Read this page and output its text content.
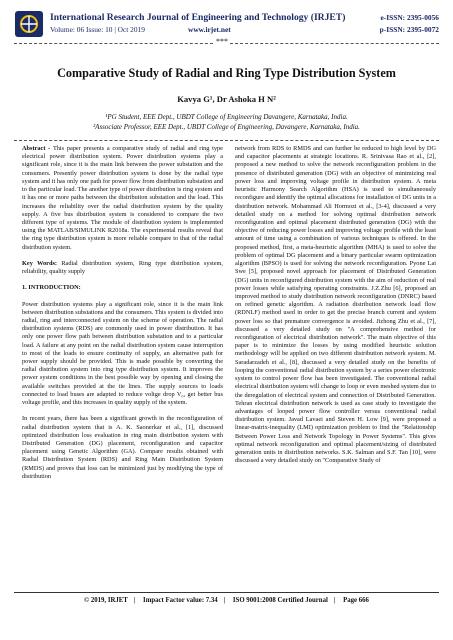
International Research Journal of Engineering and Technology (IRJET)
Volume: 06 Issue: 10 | Oct 2019	www.irjet.net
e-ISSN: 2395-0056
p-ISSN: 2395-0072
***
Comparative Study of Radial and Ring Type Distribution System
Kavya G¹, Dr Ashoka H N²
¹PG Student, EEE Dept., UBDT College of Engineering Davangere, Karnataka, India.
²Associate Professor, EEE Dept., UBDT College of Engineering, Davangere, Karnataka, India.

Abstract - This paper presents a comparative study of radial and ring type electrical power distribution system. Power distribution systems play a significant role, since it is the main link between the power substation and the consumers. Presently power distribution system is done by the radial type system and it has only one path for power flow from distribution substation and to the particular load. The another type of power distribution is ring system and it has one or more paths between the distribution substation and the load. This increases the reliability over the radial distribution system by the quality supply. A five bus distribution system is considered to compare the two different type of systems. The module of distribution system is implemented using the MATLAB/SIMULINK R2018a. The experimental results reveal that the ring type distribution system is more reliable compare to that of the radial distribution system.

Key Words: Radial distribution system, Ring type distribution system, reliability, quality supply

1. INTRODUCTION:

Power distribution systems play a significant role, since it is the main link between distribution substations and the consumers. This system is divided into radial, ring and interconnected system on the scheme of operation. The radial distribution systems (RDS) are commonly used in power distribution. It has only one power flow path between distribution substation and to a particular load. A failure at any point on the radial distribution system cause interruption to most of the loads to ensure continuity of supply, an alternative path for power supply should be provided. This is made possible by converting the radial distribution system into ring type distribution system. It improves the power system conditions in the best possible way by opening and closing the available switches provided at the tie lines. The supply sources to loads connected to load buses are adapted to reduce voltge drop V₀, get better bus voltage profile, and this increases in quality supply of the system.

In recent years, there has been a significant growth in the reconfiguration of radial distribution system that is A. K. Saonerkar et al., [1], discussed optimized distribution loss evaluation in ring main distribution system with Distributed Generation (DG) placement, reconfiguration and capacitor placement using Genetic Algorithm (GA). Compare results obtained with Radial Distribution System (RDS) and Ring Main Distribution System (RMDS) and proves that loss can be minimized just by modifying the type of distribution

network from RDS to RMDS and can further be reduced to high level by DG and capacitor placements at strategic locations. R. Srinivasa Rao et al., [2], proposed a new method to solve the network reconfiguration problem in the presence of distributed generation (DG) with an objective of minimizing real power loss and improving voltage profile in distribution system. A meta heuristic Harmony Search Algorithm (HSA) is used to simultaneously reconfigure and identify the optimal allocations for installation of DG units in a distribution network. Mohammad Ali Hormozi et al., [3-4], discussed a very detailed study on a method for solving optimal distribution network reconfiguration and optimal placement distributed generation (DG) with the objective of reducing power losses and improving voltage profile with the least amount of time using a combination of various techniques is offered. In the proposed method, first, a meta-heuristic algorithm (MHA) is used to solve the problem of optimal DG placement and a binary particular swarm optimization algorithm (BPSO) is used for solving the network reconfiguration. Pyone Lai Swe [5], proposed novel approach for placement of Distributed Generation (DG) units in reconfigured distribution system with the aim of reduction of real power losses while satisfying operating constraints. J.Z.Zhu [6], proposed an improved method to study distribution network reconfiguration (DNRC) based on refined genetic algorithm. A radiation distribution network load flow (RDNLF) method used in order to get the precise branch current and system power loss so that premature convergence is avoided. Jizhong Zhu et al., [7], discussed a very detailed study on "A comprehensive method for reconfiguration of electrical distribution network". The main objective of this paper is to minimize the losses by using modified heuristic solution methodology will be applied on two different distribution network system. M. Saradarzadeh et al., [8], discussed a very detailed study on the benefits of looping the conventional radial distribution system by a series power electronic system to control power flow has been investigated. The conventional radial electrical distribution system will change to loop or even meshed system due to the deregulation of electrical system and connection of Distributed Generation. Tehran electrical distribution network is used as case study to investigate the advantages of looped power flow controller versus conventional radial distribution system. Javad Lavaei and Steven H. Low [9], were proposed a linear-matrix-inequality (LMI) optimization problem to find the "Relationship Between Power Loss and Network Topology in Power Systems". This gives optimal network reconfiguration and optimal placement/sizing of distributed generation units in distribution networks. S.K. Salman and S.F. Tan [10], were discussed a very detailed study on "Comparative Study of

© 2019, IRJET | Impact Factor value: 7.34 | ISO 9001:2008 Certified Journal | Page 666
